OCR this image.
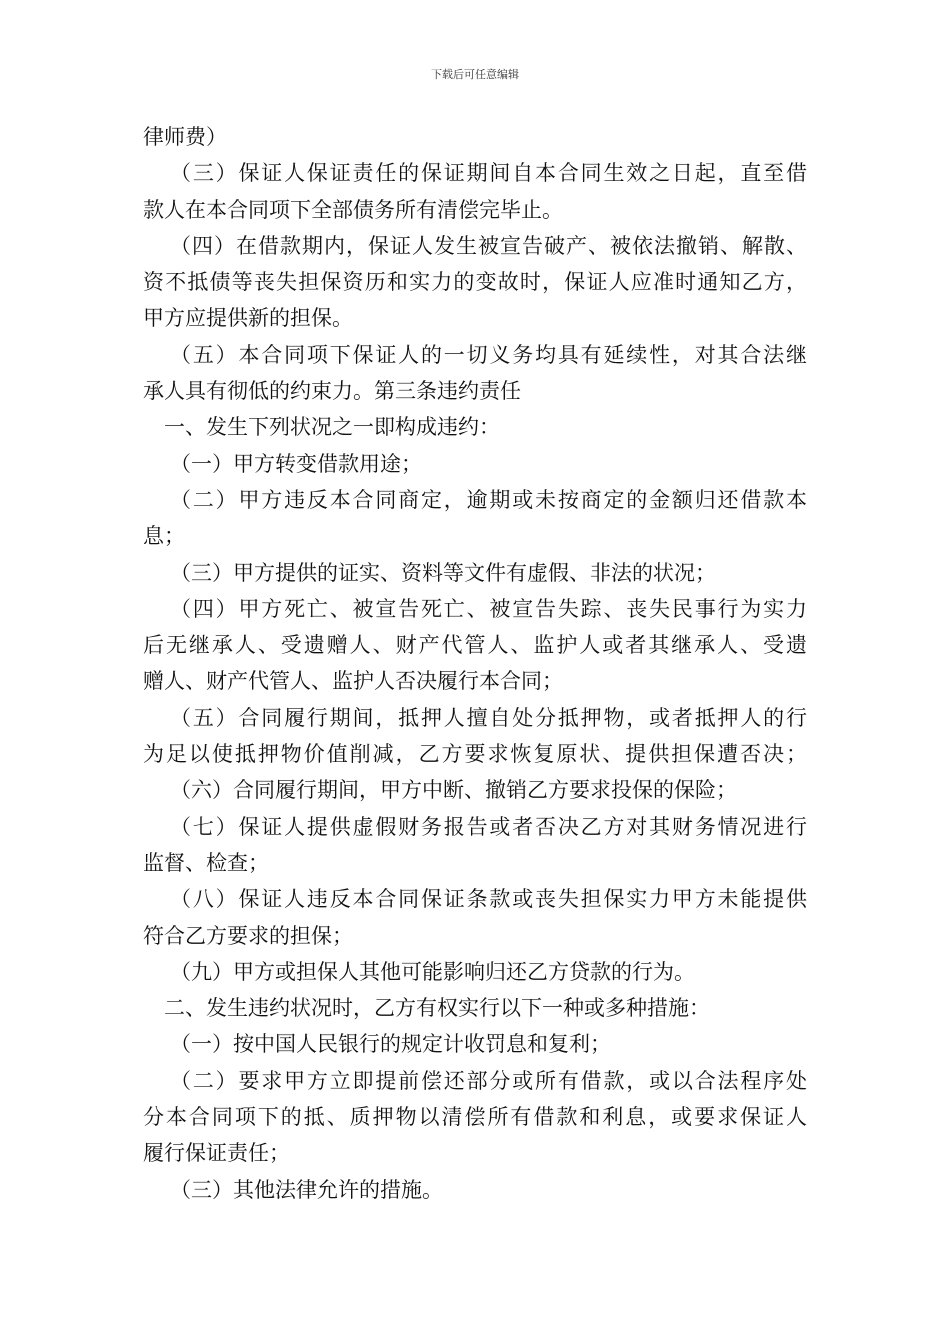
下载后可任意编辑
律师费）
（三）保证人保证责任的保证期间自本合同生效之日起，直至借
款人在本合同项下全部债务所有清偿完毕止。
（四）在借款期内，保证人发生被宣告破产、被依法撤销、解散、
资不抵债等丧失担保资历和实力的变故时，保证人应准时通知乙方，
甲方应提供新的担保。
（五）本合同项下保证人的一切义务均具有延续性，对其合法继
承人具有彻低的约束力。第三条违约责任
一、发生下列状况之一即构成违约：
（一）甲方转变借款用途；
（二）甲方违反本合同商定，逾期或未按商定的金额归还借款本
息；
（三）甲方提供的证实、资料等文件有虚假、非法的状况；
（四）甲方死亡、被宣告死亡、被宣告失踪、丧失民事行为实力
后无继承人、受遗赠人、财产代管人、监护人或者其继承人、受遗
赠人、财产代管人、监护人否决履行本合同；
（五）合同履行期间，抵押人擅自处分抵押物，或者抵押人的行
为足以使抵押物价值削减，乙方要求恢复原状、提供担保遭否决；
（六）合同履行期间，甲方中断、撤销乙方要求投保的保险；
（七）保证人提供虚假财务报告或者否决乙方对其财务情况进行
监督、检查；
（八）保证人违反本合同保证条款或丧失担保实力甲方未能提供
符合乙方要求的担保；
（九）甲方或担保人其他可能影响归还乙方贷款的行为。
二、发生违约状况时，乙方有权实行以下一种或多种措施：
（一）按中国人民银行的规定计收罚息和复利；
（二）要求甲方立即提前偿还部分或所有借款，或以合法程序处
分本合同项下的抵、质押物以清偿所有借款和利息，或要求保证人
履行保证责任；
（三）其他法律允许的措施。
